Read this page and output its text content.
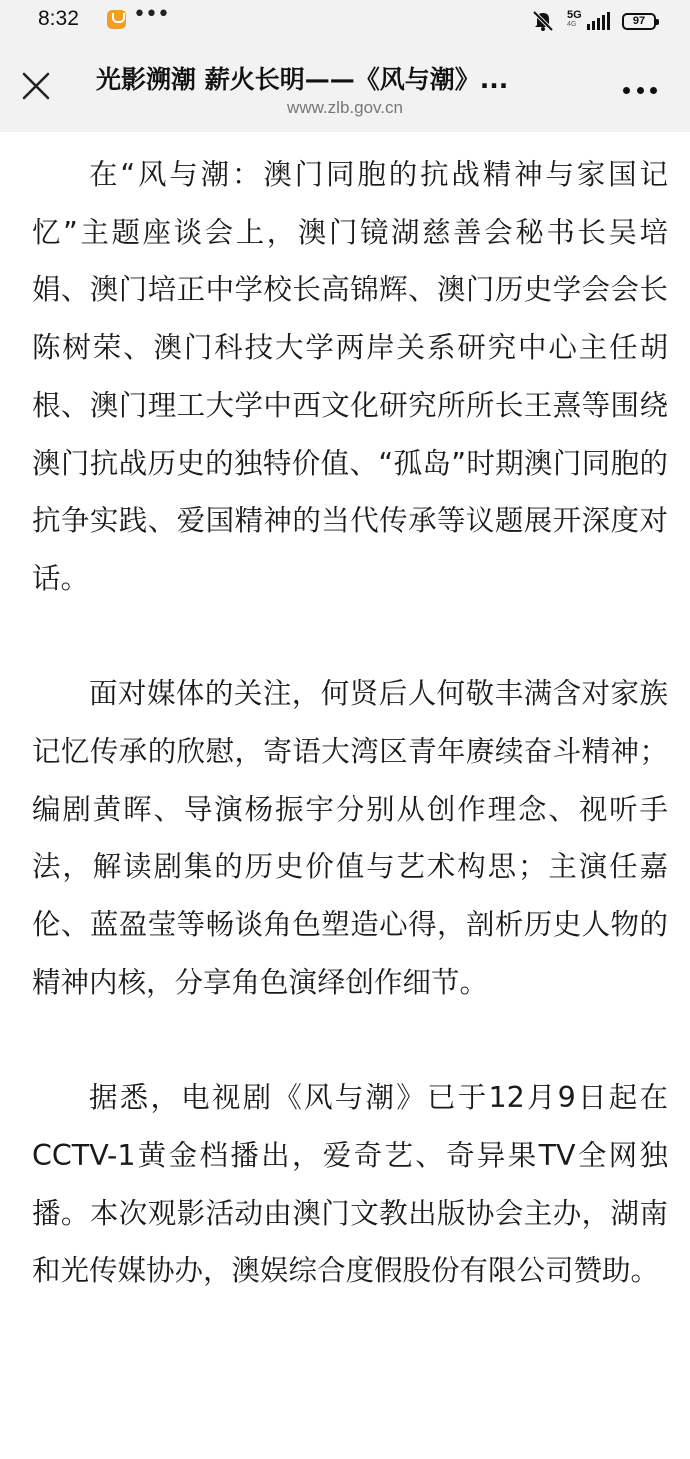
8:32 •••	5G
4G	97
光影溯潮 薪火长明——《风与潮》...
www.zlb.gov.cn

在“风与潮：澳门同胞的抗战精神与家国记忆”主题座谈会上，澳门镜湖慈善会秘书长吴培娟、澳门培正中学校长高锦辉、澳门历史学会会长陈树荣、澳门科技大学两岸关系研究中心主任胡根、澳门理工大学中西文化研究所所长王熹等围绕澳门抗战历史的独特价值、“孤岛”时期澳门同胞的抗争实践、爱国精神的当代传承等议题展开深度对话。

面对媒体的关注，何贤后人何敬丰满含对家族记忆传承的欣慰，寄语大湾区青年赓续奋斗精神；编剧黄晖、导演杨振宇分别从创作理念、视听手法，解读剧集的历史价值与艺术构思；主演任嘉伦、蓝盈莹等畅谈角色塑造心得，剖析历史人物的精神内核，分享角色演绎创作细节。

据悉，电视剧《风与潮》已于12月9日起在CCTV-1黄金档播出，爱奇艺、奇异果TV全网独播。本次观影活动由澳门文教出版协会主办，湖南和光传媒协办，澳娱综合度假股份有限公司赞助。
